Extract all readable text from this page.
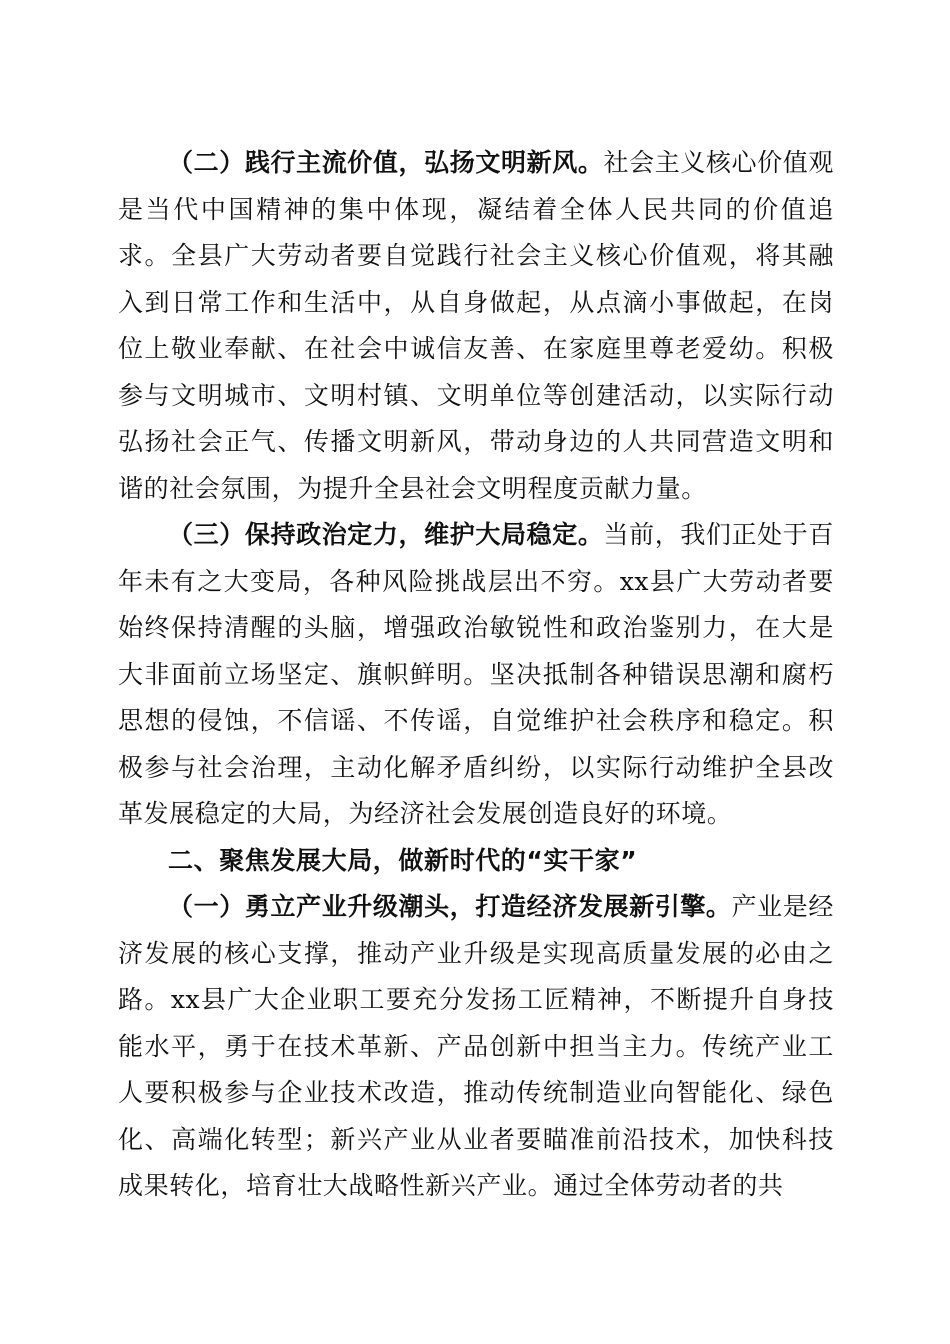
（二）践行主流价值，弘扬文明新风。社会主义核心价值观是当代中国精神的集中体现，凝结着全体人民共同的价值追求。全县广大劳动者要自觉践行社会主义核心价值观，将其融入到日常工作和生活中，从自身做起，从点滴小事做起，在岗位上敬业奉献、在社会中诚信友善、在家庭里尊老爱幼。积极参与文明城市、文明村镇、文明单位等创建活动，以实际行动弘扬社会正气、传播文明新风，带动身边的人共同营造文明和谐的社会氛围，为提升全县社会文明程度贡献力量。

（三）保持政治定力，维护大局稳定。当前，我们正处于百年未有之大变局，各种风险挑战层出不穷。xx县广大劳动者要始终保持清醒的头脑，增强政治敏锐性和政治鉴别力，在大是大非面前立场坚定、旗帜鲜明。坚决抵制各种错误思潮和腐朽思想的侵蚀，不信谣、不传谣，自觉维护社会秩序和稳定。积极参与社会治理，主动化解矛盾纠纷，以实际行动维护全县改革发展稳定的大局，为经济社会发展创造良好的环境。

二、聚焦发展大局，做新时代的“实干家”

（一）勇立产业升级潮头，打造经济发展新引擎。产业是经济发展的核心支撑，推动产业升级是实现高质量发展的必由之路。xx县广大企业职工要充分发扬工匠精神，不断提升自身技能水平，勇于在技术革新、产品创新中担当主力。传统产业工人要积极参与企业技术改造，推动传统制造业向智能化、绿色化、高端化转型；新兴产业从业者要瞄准前沿技术，加快科技成果转化，培育壮大战略性新兴产业。通过全体劳动者的共
